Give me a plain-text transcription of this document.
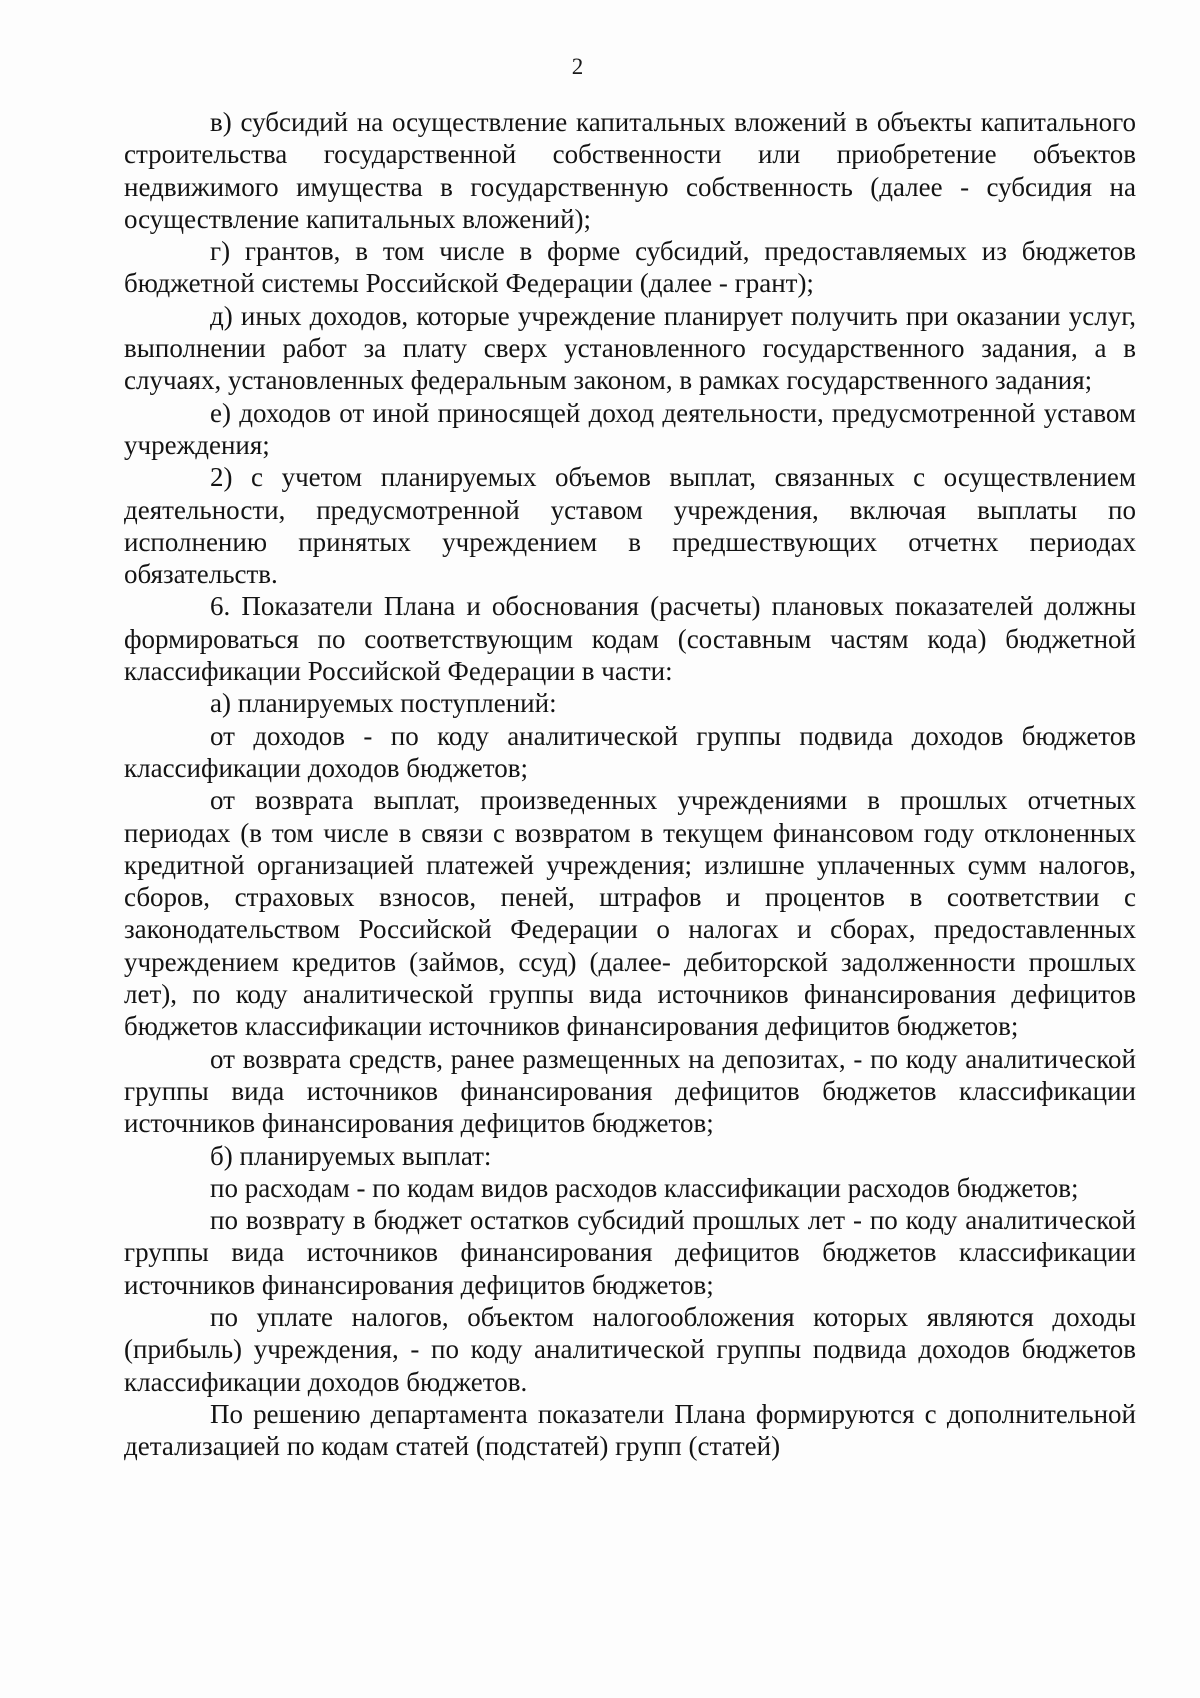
2

в) субсидий на осуществление капитальных вложений в объекты капитального строительства государственной собственности или приобретение объектов недвижимого имущества в государственную собственность (далее - субсидия на осуществление капитальных вложений);

г) грантов, в том числе в форме субсидий, предоставляемых из бюджетов бюджетной системы Российской Федерации (далее - грант);

д) иных доходов, которые учреждение планирует получить при оказании услуг, выполнении работ за плату сверх установленного государственного задания, а в случаях, установленных федеральным законом, в рамках государственного задания;

е) доходов от иной приносящей доход деятельности, предусмотренной уставом учреждения;

2) с учетом планируемых объемов выплат, связанных с осуществлением деятельности, предусмотренной уставом учреждения, включая выплаты по исполнению принятых учреждением в предшествующих отчетнх периодах обязательств.

6. Показатели Плана и обоснования (расчеты) плановых показателей должны формироваться по соответствующим кодам (составным частям кода) бюджетной классификации Российской Федерации в части:

а) планируемых поступлений:

от доходов - по коду аналитической группы подвида доходов бюджетов классификации доходов бюджетов;

от возврата выплат, произведенных учреждениями в прошлых отчетных периодах (в том числе в связи с возвратом в текущем финансовом году отклоненных кредитной организацией платежей учреждения; излишне уплаченных сумм налогов, сборов, страховых взносов, пеней, штрафов и процентов в соответствии с законодательством Российской Федерации о налогах и сборах, предоставленных учреждением кредитов (займов, ссуд) (далее- дебиторской задолженности прошлых лет), по коду аналитической группы вида источников финансирования дефицитов бюджетов классификации источников финансирования дефицитов бюджетов;

от возврата средств, ранее размещенных на депозитах, - по коду аналитической группы вида источников финансирования дефицитов бюджетов классификации источников финансирования дефицитов бюджетов;

б) планируемых выплат:

по расходам - по кодам видов расходов классификации расходов бюджетов;

по возврату в бюджет остатков субсидий прошлых лет - по коду аналитической группы вида источников финансирования дефицитов бюджетов классификации источников финансирования дефицитов бюджетов;

по уплате налогов, объектом налогообложения которых являются доходы (прибыль) учреждения, - по коду аналитической группы подвида доходов бюджетов классификации доходов бюджетов.

По решению департамента показатели Плана формируются с дополнительной детализацией по кодам статей (подстатей) групп (статей)
